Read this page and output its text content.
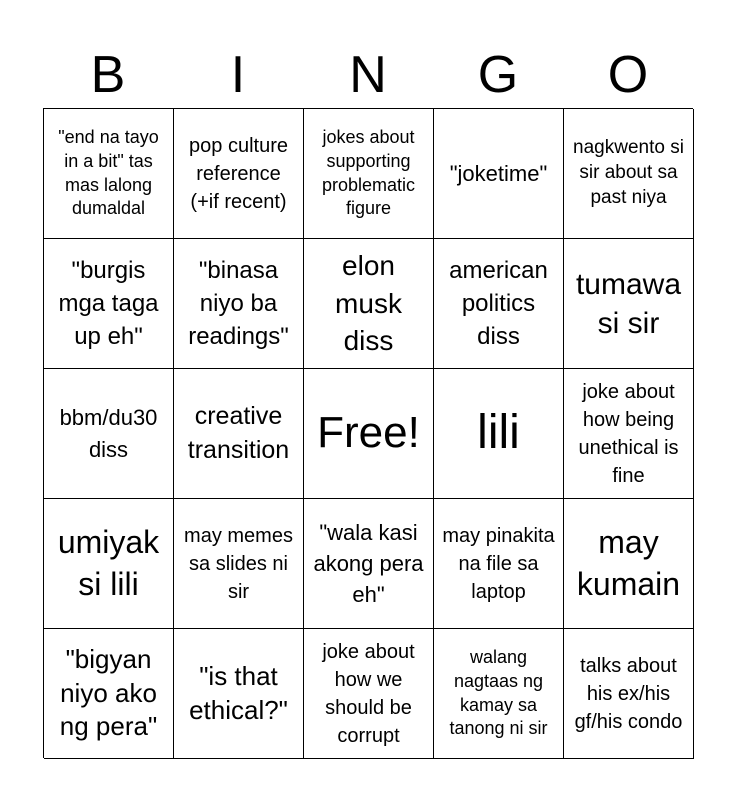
B	I	N	G	O
"end na tayo in a bit" tas mas lalong dumaldal
pop culture reference (+if recent)
jokes about supporting problematic figure
"joketime"
nagkwento si sir about sa past niya
"burgis mga taga up eh"
"binasa niyo ba readings"
elon musk diss
american politics diss
tumawa si sir
bbm/du30 diss
creative transition Free! lili
joke about how being unethical is fine
umiyak si lili
may memes sa slides ni sir
"wala kasi akong pera eh"
may pinakita na file sa laptop
may kumain
"bigyan niyo ako ng pera"
"is that ethical?"
joke about how we should be corrupt
walang nagtaas ng kamay sa tanong ni sir
talks about his ex/his gf/his condo
